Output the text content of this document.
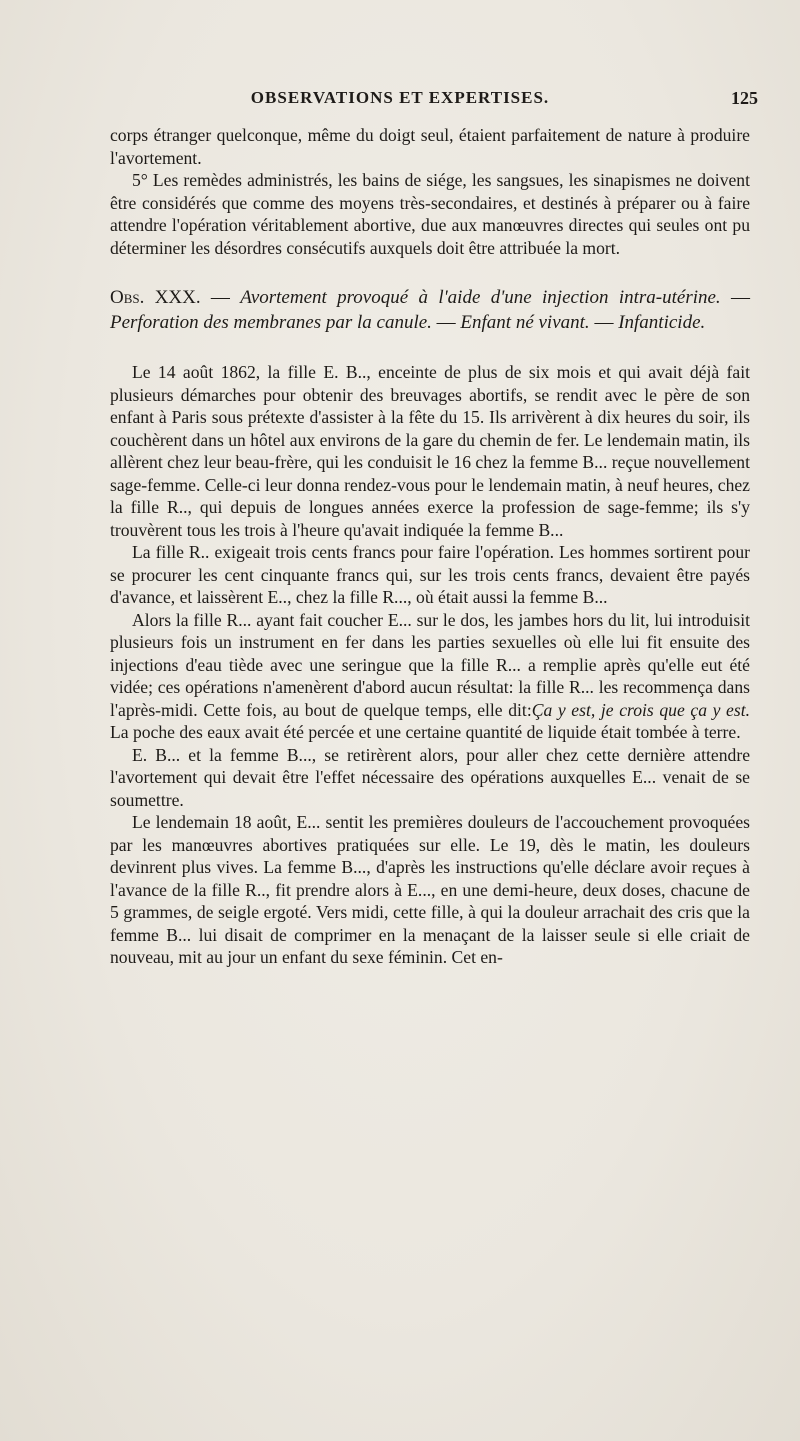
OBSERVATIONS ET EXPERTISES.	125

corps étranger quelconque, même du doigt seul, étaient parfaitement de nature à produire l'avortement.

5° Les remèdes administrés, les bains de siége, les sangsues, les sinapismes ne doivent être considérés que comme des moyens très-secondaires, et destinés à préparer ou à faire attendre l'opération véritablement abortive, due aux manœuvres directes qui seules ont pu déterminer les désordres consécutifs auxquels doit être attribuée la mort.

Obs. XXX. — Avortement provoqué à l'aide d'une injection intra-utérine. — Perforation des membranes par la canule. — Enfant né vivant. — Infanticide.

Le 14 août 1862, la fille E. B.., enceinte de plus de six mois et qui avait déjà fait plusieurs démarches pour obtenir des breuvages abortifs, se rendit avec le père de son enfant à Paris sous prétexte d'assister à la fête du 15. Ils arrivèrent à dix heures du soir, ils couchèrent dans un hôtel aux environs de la gare du chemin de fer. Le lendemain matin, ils allèrent chez leur beau-frère, qui les conduisit le 16 chez la femme B... reçue nouvellement sage-femme. Celle-ci leur donna rendez-vous pour le lendemain matin, à neuf heures, chez la fille R.., qui depuis de longues années exerce la profession de sage-femme; ils s'y trouvèrent tous les trois à l'heure qu'avait indiquée la femme B...

La fille R.. exigeait trois cents francs pour faire l'opération. Les hommes sortirent pour se procurer les cent cinquante francs qui, sur les trois cents francs, devaient être payés d'avance, et laissèrent E.., chez la fille R..., où était aussi la femme B...

Alors la fille R... ayant fait coucher E... sur le dos, les jambes hors du lit, lui introduisit plusieurs fois un instrument en fer dans les parties sexuelles où elle lui fit ensuite des injections d'eau tiède avec une seringue que la fille R... a remplie après qu'elle eut été vidée; ces opérations n'amenèrent d'abord aucun résultat: la fille R... les recommença dans l'après-midi. Cette fois, au bout de quelque temps, elle dit:Ça y est, je crois que ça y est. La poche des eaux avait été percée et une certaine quantité de liquide était tombée à terre.

E. B... et la femme B..., se retirèrent alors, pour aller chez cette dernière attendre l'avortement qui devait être l'effet nécessaire des opérations auxquelles E... venait de se soumettre.

Le lendemain 18 août, E... sentit les premières douleurs de l'accouchement provoquées par les manœuvres abortives pratiquées sur elle. Le 19, dès le matin, les douleurs devinrent plus vives. La femme B..., d'après les instructions qu'elle déclare avoir reçues à l'avance de la fille R.., fit prendre alors à E..., en une demi-heure, deux doses, chacune de 5 grammes, de seigle ergoté. Vers midi, cette fille, à qui la douleur arrachait des cris que la femme B... lui disait de comprimer en la menaçant de la laisser seule si elle criait de nouveau, mit au jour un enfant du sexe féminin. Cet en-
